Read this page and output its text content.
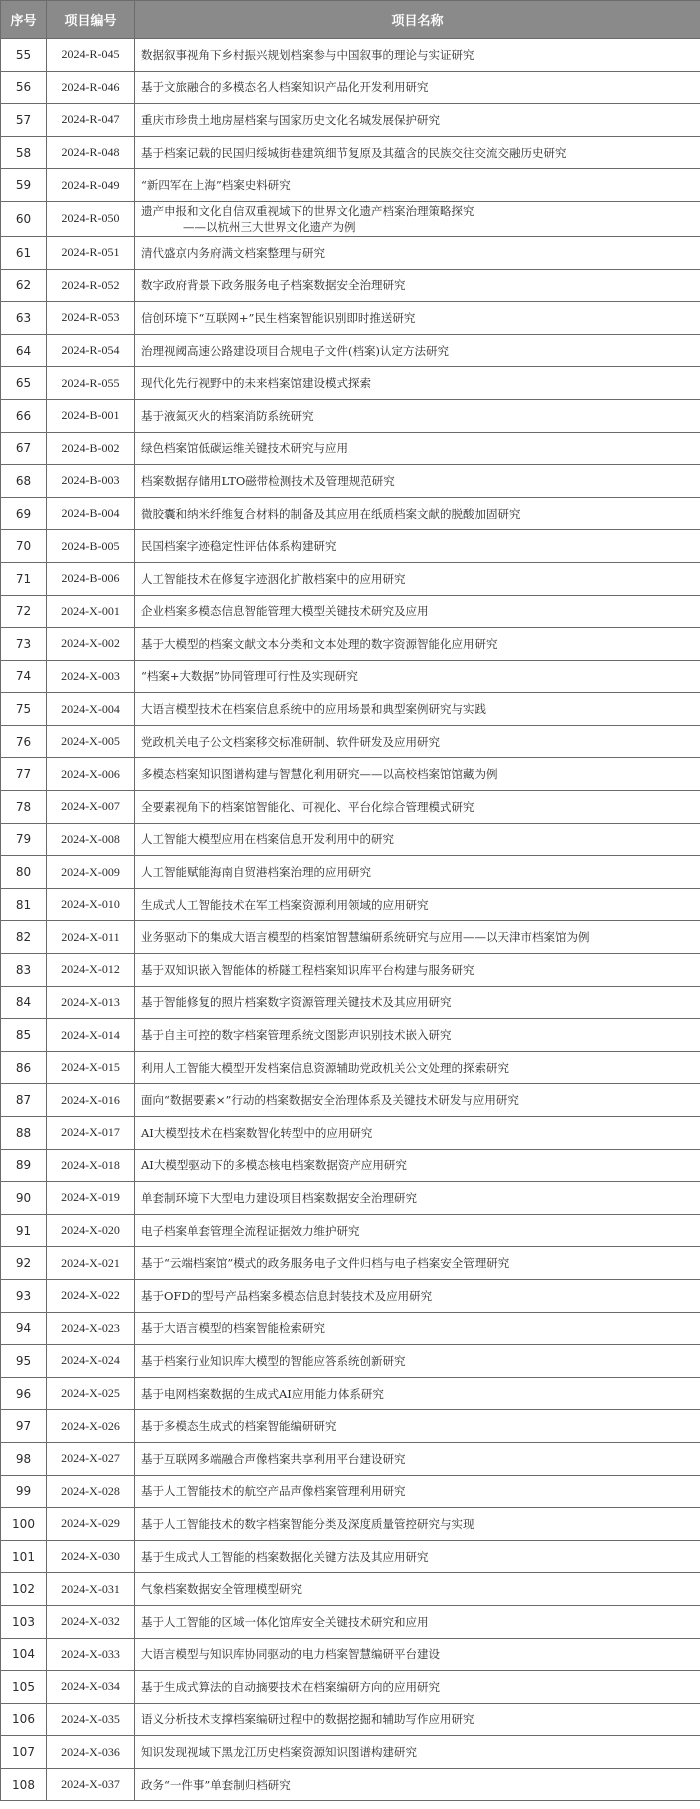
序号	项目编号	项目名称
55	2024-R-045	数据叙事视角下乡村振兴规划档案参与中国叙事的理论与实证研究
56	2024-R-046	基于文旅融合的多模态名人档案知识产品化开发利用研究
57	2024-R-047	重庆市珍贵土地房屋档案与国家历史文化名城发展保护研究
58	2024-R-048	基于档案记载的民国归绥城街巷建筑细节复原及其蕴含的民族交往交流交融历史研究
59	2024-R-049	“新四军在上海”档案史料研究
60	2024-R-050	遗产申报和文化自信双重视域下的世界文化遗产档案治理策略探究
——以杭州三大世界文化遗产为例

61	2024-R-051	清代盛京内务府满文档案整理与研究
62	2024-R-052	数字政府背景下政务服务电子档案数据安全治理研究
63	2024-R-053	信创环境下“互联网+”民生档案智能识别即时推送研究
64	2024-R-054	治理视阈高速公路建设项目合规电子文件(档案)认定方法研究
65	2024-R-055	现代化先行视野中的未来档案馆建设模式探索
66	2024-B-001	基于液氮灭火的档案消防系统研究
67	2024-B-002	绿色档案馆低碳运维关键技术研究与应用
68	2024-B-003	档案数据存储用LTO磁带检测技术及管理规范研究
69	2024-B-004	微胶囊和纳米纤维复合材料的制备及其应用在纸质档案文献的脱酸加固研究
70	2024-B-005	民国档案字迹稳定性评估体系构建研究
71	2024-B-006	人工智能技术在修复字迹洇化扩散档案中的应用研究
72	2024-X-001	企业档案多模态信息智能管理大模型关键技术研究及应用
73	2024-X-002	基于大模型的档案文献文本分类和文本处理的数字资源智能化应用研究
74	2024-X-003	“档案+大数据”协同管理可行性及实现研究
75	2024-X-004	大语言模型技术在档案信息系统中的应用场景和典型案例研究与实践
76	2024-X-005	党政机关电子公文档案移交标准研制、软件研发及应用研究
77	2024-X-006	多模态档案知识图谱构建与智慧化利用研究——以高校档案馆馆藏为例
78	2024-X-007	全要素视角下的档案馆智能化、可视化、平台化综合管理模式研究
79	2024-X-008	人工智能大模型应用在档案信息开发利用中的研究
80	2024-X-009	人工智能赋能海南自贸港档案治理的应用研究
81	2024-X-010	生成式人工智能技术在军工档案资源利用领域的应用研究
82	2024-X-011	业务驱动下的集成大语言模型的档案馆智慧编研系统研究与应用——以天津市档案馆为例
83	2024-X-012	基于双知识嵌入智能体的桥隧工程档案知识库平台构建与服务研究
84	2024-X-013	基于智能修复的照片档案数字资源管理关键技术及其应用研究
85	2024-X-014	基于自主可控的数字档案管理系统文图影声识别技术嵌入研究
86	2024-X-015	利用人工智能大模型开发档案信息资源辅助党政机关公文处理的探索研究
87	2024-X-016	面向“数据要素×”行动的档案数据安全治理体系及关键技术研发与应用研究
88	2024-X-017	AI大模型技术在档案数智化转型中的应用研究
89	2024-X-018	AI大模型驱动下的多模态核电档案数据资产应用研究
90	2024-X-019	单套制环境下大型电力建设项目档案数据安全治理研究
91	2024-X-020	电子档案单套管理全流程证据效力维护研究
92	2024-X-021	基于“云端档案馆”模式的政务服务电子文件归档与电子档案安全管理研究
93	2024-X-022	基于OFD的型号产品档案多模态信息封装技术及应用研究
94	2024-X-023	基于大语言模型的档案智能检索研究
95	2024-X-024	基于档案行业知识库大模型的智能应答系统创新研究
96	2024-X-025	基于电网档案数据的生成式AI应用能力体系研究
97	2024-X-026	基于多模态生成式的档案智能编研研究
98	2024-X-027	基于互联网多端融合声像档案共享利用平台建设研究
99	2024-X-028	基于人工智能技术的航空产品声像档案管理利用研究
100	2024-X-029	基于人工智能技术的数字档案智能分类及深度质量管控研究与实现
101	2024-X-030	基于生成式人工智能的档案数据化关键方法及其应用研究
102	2024-X-031	气象档案数据安全管理模型研究
103	2024-X-032	基于人工智能的区域一体化馆库安全关键技术研究和应用
104	2024-X-033	大语言模型与知识库协同驱动的电力档案智慧编研平台建设
105	2024-X-034	基于生成式算法的自动摘要技术在档案编研方向的应用研究
106	2024-X-035	语义分析技术支撑档案编研过程中的数据挖掘和辅助写作应用研究
107	2024-X-036	知识发现视域下黑龙江历史档案资源知识图谱构建研究
108	2024-X-037	政务“一件事”单套制归档研究
